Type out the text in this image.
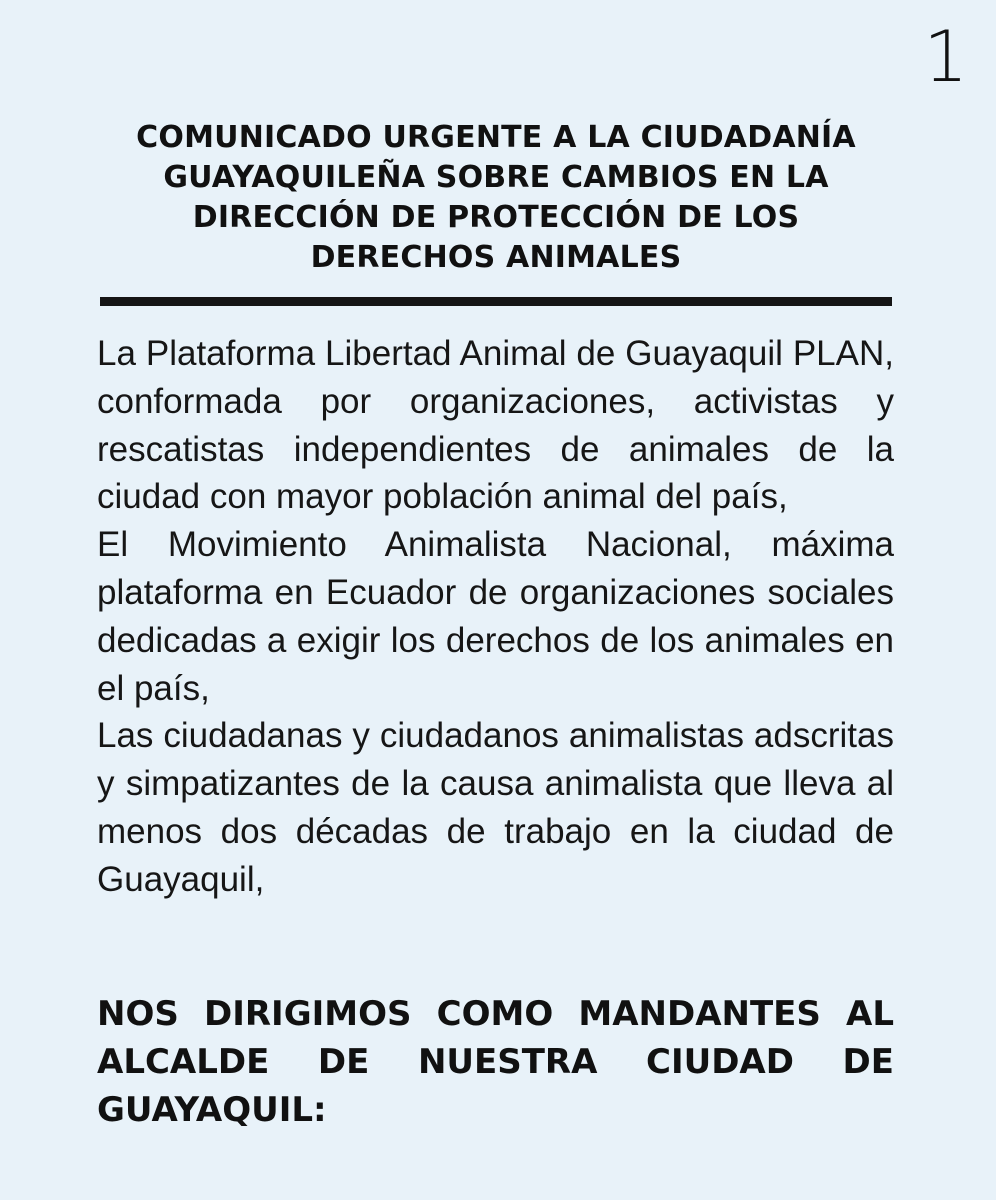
1
COMUNICADO URGENTE A LA CIUDADANÍA GUAYAQUILEÑA SOBRE CAMBIOS EN LA DIRECCIÓN DE PROTECCIÓN DE LOS DERECHOS ANIMALES

La Plataforma Libertad Animal de Guayaquil PLAN, conformada por organizaciones, activistas y rescatistas independientes de animales de la ciudad con mayor población animal del país,

El Movimiento Animalista Nacional, máxima plataforma en Ecuador de organizaciones sociales dedicadas a exigir los derechos de los animales en el país,

Las ciudadanas y ciudadanos animalistas adscritas y simpatizantes de la causa animalista que lleva al menos dos décadas de trabajo en la ciudad de Guayaquil,

NOS DIRIGIMOS COMO MANDANTES AL ALCALDE DE NUESTRA CIUDAD DE GUAYAQUIL:
